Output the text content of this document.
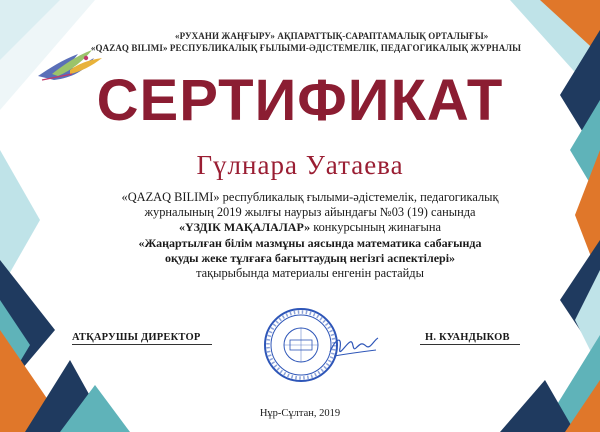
«РУХАНИ ЖАҢҒЫРУ» АҚПАРАТТЫҚ-САРАПТАМАЛЫҚ ОРТАЛЫҒЫ»
«QAZAQ BILIMI» РЕСПУБЛИКАЛЫҚ ҒЫЛЫМИ-ӘДІСТЕМЕЛІК, ПЕДАГОГИКАЛЫҚ ЖУРНАЛЫ
СЕРТИФИКАТ
Гүлнара Уатаева
«QAZAQ BILIMI» республикалық ғылыми-әдістемелік, педагогикалық
журналының 2019 жылғы наурыз айындағы №03 (19) санында
«ҮЗДІК МАҚАЛАЛАР» конкурсының жинағына
«Жаңартылған білім мазмұны аясында математика сабағында
оқуды жеке тұлғаға бағыттаудың негізгі аспектілері»
тақырыбында материалы енгенін растайды
АТҚАРУШЫ ДИРЕКТОР	Н. КУАНДЫКОВ
Нұр-Сұлтан, 2019
